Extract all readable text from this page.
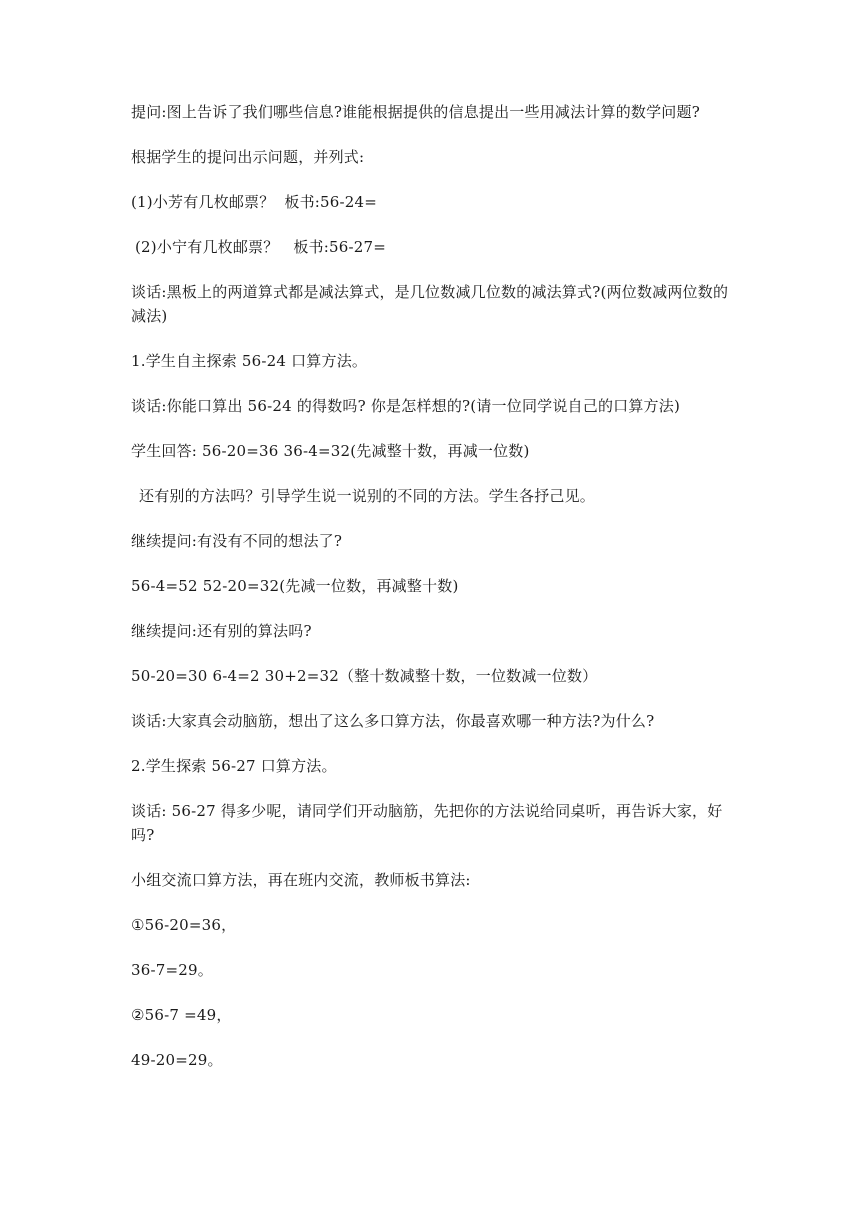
提问:图上告诉了我们哪些信息?谁能根据提供的信息提出一些用减法计算的数学问题?

根据学生的提问出示问题，并列式:

(1)小芳有几枚邮票？  板书:56-24=

(2)小宁有几枚邮票？   板书:56-27=

谈话:黑板上的两道算式都是减法算式，是几位数减几位数的减法算式?(两位数减两位数的减法)

1.学生自主探索 56-24 口算方法。

谈话:你能口算出 56-24 的得数吗? 你是怎样想的?(请一位同学说自己的口算方法)

学生回答: 56-20=36 36-4=32(先减整十数，再减一位数)

还有别的方法吗？引导学生说一说别的不同的方法。学生各抒己见。

继续提问:有没有不同的想法了?

56-4=52 52-20=32(先减一位数，再减整十数)

继续提问:还有别的算法吗?

50-20=30 6-4=2 30+2=32（整十数减整十数，一位数减一位数）

谈话:大家真会动脑筋，想出了这么多口算方法，你最喜欢哪一种方法?为什么?

2.学生探索 56-27 口算方法。

谈话: 56-27 得多少呢，请同学们开动脑筋，先把你的方法说给同桌听，再告诉大家，好吗?

小组交流口算方法，再在班内交流，教师板书算法:

①56-20=36，

36-7=29。

②56-7 =49，

49-20=29。
